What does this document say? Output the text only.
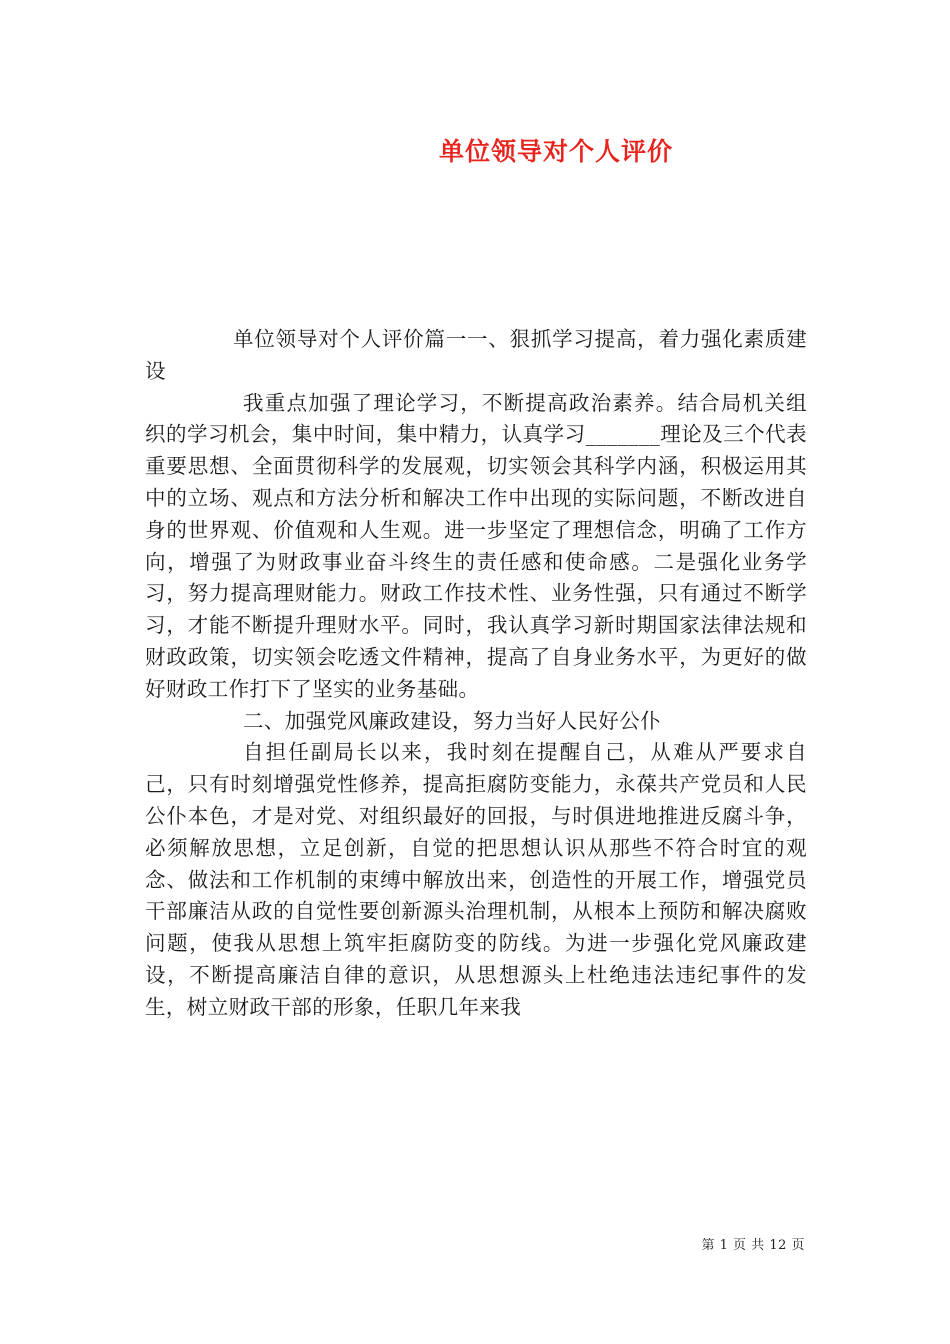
单位领导对个人评价

单位领导对个人评价篇一一、狠抓学习提高，着力强化素质建设

我重点加强了理论学习，不断提高政治素养。结合局机关组织的学习机会，集中时间，集中精力，认真学习_______理论及三个代表重要思想、全面贯彻科学的发展观，切实领会其科学内涵，积极运用其中的立场、观点和方法分析和解决工作中出现的实际问题，不断改进自身的世界观、价值观和人生观。进一步坚定了理想信念，明确了工作方向，增强了为财政事业奋斗终生的责任感和使命感。二是强化业务学习，努力提高理财能力。财政工作技术性、业务性强，只有通过不断学习，才能不断提升理财水平。同时，我认真学习新时期国家法律法规和财政政策，切实领会吃透文件精神，提高了自身业务水平，为更好的做好财政工作打下了坚实的业务基础。

二、加强党风廉政建设，努力当好人民好公仆

自担任副局长以来，我时刻在提醒自己，从难从严要求自己，只有时刻增强党性修养，提高拒腐防变能力，永葆共产党员和人民公仆本色，才是对党、对组织最好的回报，与时俱进地推进反腐斗争，必须解放思想，立足创新，自觉的把思想认识从那些不符合时宜的观念、做法和工作机制的束缚中解放出来，创造性的开展工作，增强党员干部廉洁从政的自觉性要创新源头治理机制，从根本上预防和解决腐败问题，使我从思想上筑牢拒腐防变的防线。为进一步强化党风廉政建设，不断提高廉洁自律的意识，从思想源头上杜绝违法违纪事件的发生，树立财政干部的形象，任职几年来我

第 1 页 共 12 页
